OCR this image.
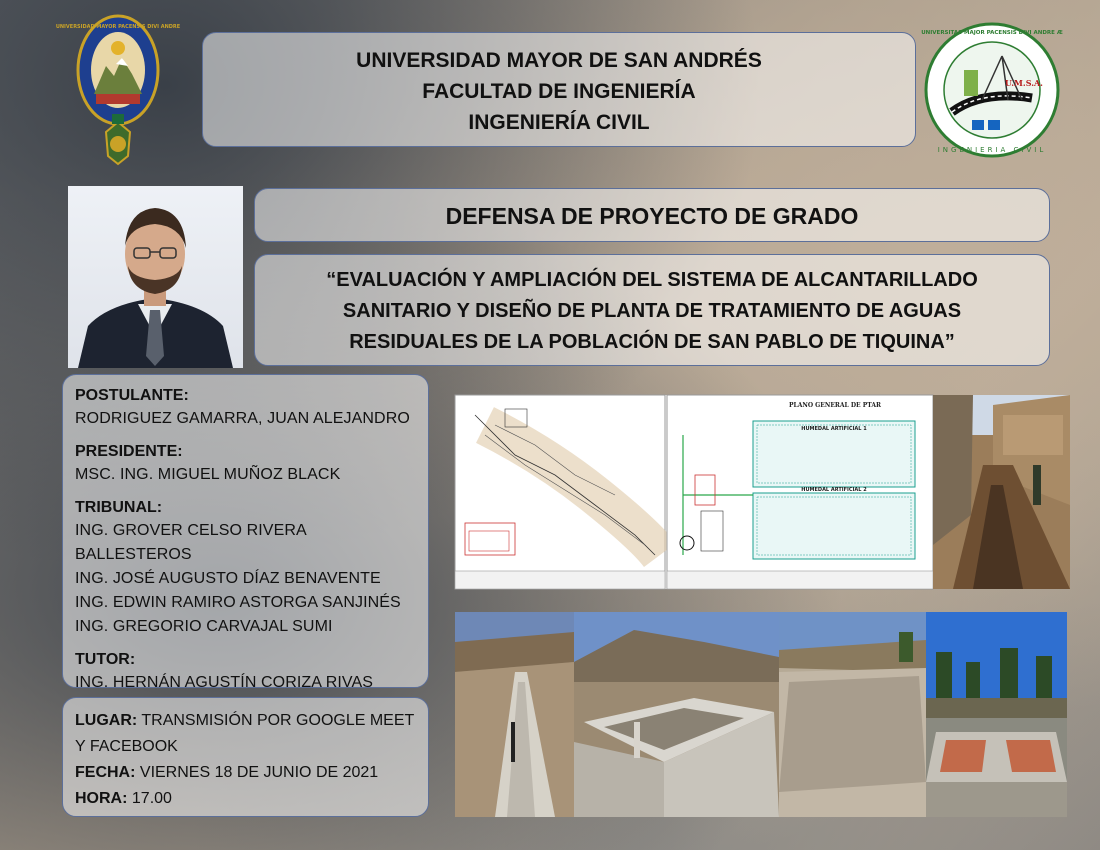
UNIVERSIDAD MAYOR PACENSIS DIVI ANDRE
UNIVERSIDAD MAYOR DE SAN ANDRÉS
FACULTAD DE INGENIERÍA
INGENIERÍA CIVIL
U.M.S.A.
UNIVERSITAS MAJOR PACENSIS DIVI ANDRE Æ
INGENIERIA CIVIL
DEFENSA DE PROYECTO DE GRADO
“EVALUACIÓN Y AMPLIACIÓN DEL SISTEMA DE ALCANTARILLADO
SANITARIO Y DISEÑO DE PLANTA DE TRATAMIENTO DE AGUAS
RESIDUALES DE LA POBLACIÓN DE SAN PABLO DE TIQUINA”
POSTULANTE:
RODRIGUEZ GAMARRA, JUAN ALEJANDRO
PRESIDENTE:
MSC. ING. MIGUEL MUÑOZ BLACK
TRIBUNAL:
ING. GROVER CELSO RIVERA BALLESTEROS
ING. JOSÉ AUGUSTO DÍAZ BENAVENTE
ING. EDWIN RAMIRO ASTORGA SANJINÉS
ING. GREGORIO CARVAJAL SUMI
TUTOR:
ING. HERNÁN AGUSTÍN CORIZA RIVAS
LUGAR: TRANSMISIÓN POR GOOGLE MEET
Y FACEBOOK
FECHA: VIERNES 18 DE JUNIO DE 2021
HORA: 17.00
PLANO GENERAL DE PTAR
HUMEDAL ARTIFICIAL 1
HUMEDAL ARTIFICIAL 2
